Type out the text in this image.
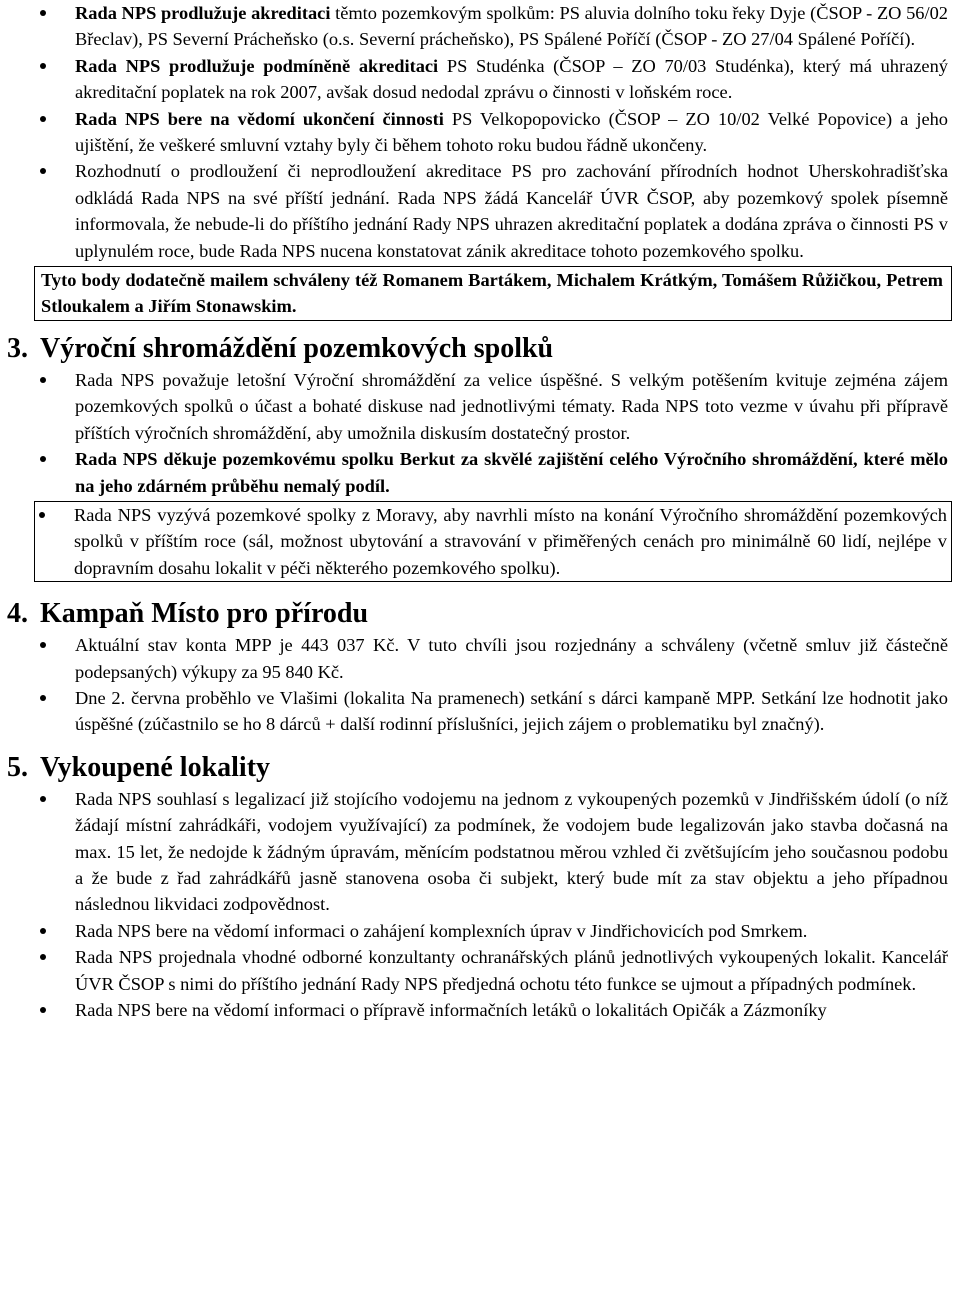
Rada NPS prodlužuje akreditaci těmto pozemkovým spolkům: PS aluvia dolního toku řeky Dyje (ČSOP - ZO 56/02 Břeclav), PS Severní Prácheňsko (o.s. Severní prácheňsko), PS Spálené Poříčí (ČSOP - ZO 27/04 Spálené Poříčí).
Rada NPS prodlužuje podmíněně akreditaci PS Studénka (ČSOP – ZO 70/03 Studénka), který má uhrazený akreditační poplatek na rok 2007, avšak dosud nedodal zprávu o činnosti v loňském roce.
Rada NPS bere na vědomí ukončení činnosti PS Velkopopovicko (ČSOP – ZO 10/02 Velké Popovice) a jeho ujištění, že veškeré smluvní vztahy byly či během tohoto roku budou řádně ukončeny.
Rozhodnutí o prodloužení či neprodloužení akreditace PS pro zachování přírodních hodnot Uherskohradišťska odkládá Rada NPS na své příští jednání. Rada NPS žádá Kancelář ÚVR ČSOP, aby pozemkový spolek písemně informovala, že nebude-li do příštího jednání Rady NPS uhrazen akreditační poplatek a dodána zpráva o činnosti PS v uplynulém roce, bude Rada NPS nucena konstatovat zánik akreditace tohoto pozemkového spolku.
Tyto body dodatečně mailem schváleny též Romanem Bartákem, Michalem Krátkým, Tomášem Růžičkou, Petrem Stloukalem a Jiřím Stonawskim.
3. Výroční shromáždění pozemkových spolků
Rada NPS považuje letošní Výroční shromáždění za velice úspěšné. S velkým potěšením kvituje zejména zájem pozemkových spolků o účast a bohaté diskuse nad jednotlivými tématy. Rada NPS toto vezme v úvahu při přípravě příštích výročních shromáždění, aby umožnila diskusím dostatečný prostor.
Rada NPS děkuje pozemkovému spolku Berkut za skvělé zajištění celého Výročního shromáždění, které mělo na jeho zdárném průběhu nemalý podíl.
Rada NPS vyzývá pozemkové spolky z Moravy, aby navrhli místo na konání Výročního shromáždění pozemkových spolků v příštím roce (sál, možnost ubytování a stravování v přiměřených cenách pro minimálně 60 lidí, nejlépe v dopravním dosahu lokalit v péči některého pozemkového spolku).
4. Kampaň Místo pro přírodu
Aktuální stav konta MPP je 443 037 Kč. V tuto chvíli jsou rozjednány a schváleny (včetně smluv již částečně podepsaných) výkupy za 95 840 Kč.
Dne 2. června proběhlo ve Vlašimi (lokalita Na pramenech) setkání s dárci kampaně MPP. Setkání lze hodnotit jako úspěšné (zúčastnilo se ho 8 dárců + další rodinní příslušníci, jejich zájem o problematiku byl značný).
5. Vykoupené lokality
Rada NPS souhlasí s legalizací již stojícího vodojemu na jednom z vykoupených pozemků v Jindřišském údolí (o níž žádají místní zahrádkáři, vodojem využívající) za podmínek, že vodojem bude legalizován jako stavba dočasná na max. 15 let, že nedojde k žádným úpravám, měnícím podstatnou měrou vzhled či zvětšujícím jeho současnou podobu a že bude z řad zahrádkářů jasně stanovena osoba či subjekt, který bude mít za stav objektu a jeho případnou následnou likvidaci zodpovědnost.
Rada NPS bere na vědomí informaci o zahájení komplexních úprav v Jindřichovicích pod Smrkem.
Rada NPS projednala vhodné odborné konzultanty ochranářských plánů jednotlivých vykoupených lokalit. Kancelář ÚVR ČSOP s nimi do příštího jednání Rady NPS předjedná ochotu této funkce se ujmout a případných podmínek.
Rada NPS bere na vědomí informaci o přípravě informačních letáků o lokalitách Opičák a Zázmoníky
